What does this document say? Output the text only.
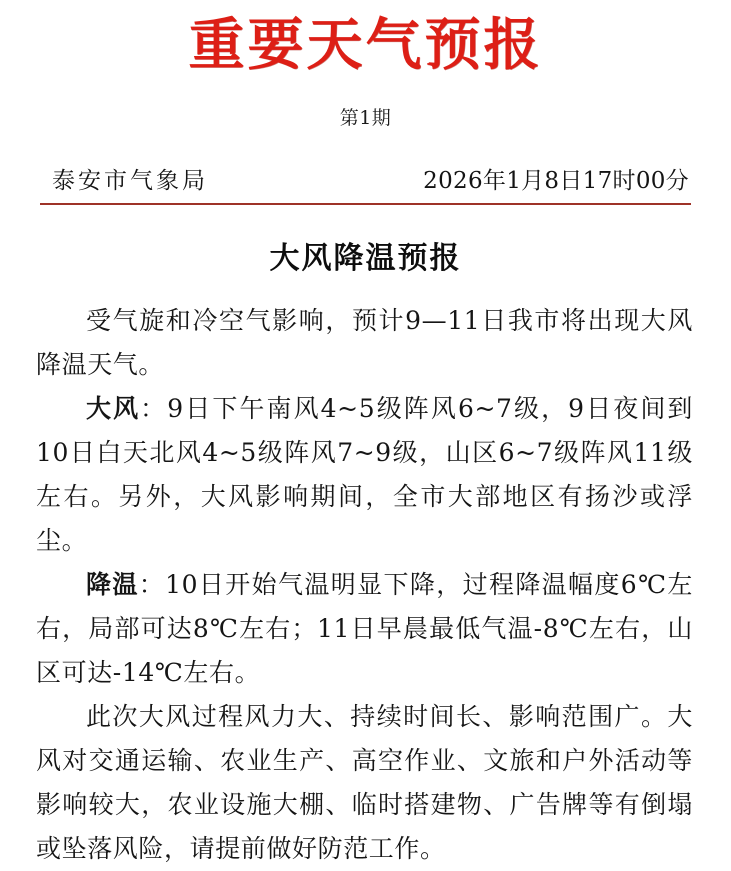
重要天气预报

第1期

泰安市气象局	2026年1月8日17时00分
大风降温预报

受气旋和冷空气影响，预计9—11日我市将出现大风降温天气。

大风：9日下午南风4~5级阵风6~7级，9日夜间到10日白天北风4~5级阵风7~9级，山区6~7级阵风11级左右。另外，大风影响期间，全市大部地区有扬沙或浮尘。

降温：10日开始气温明显下降，过程降温幅度6℃左右，局部可达8℃左右；11日早晨最低气温-8℃左右，山区可达-14℃左右。

此次大风过程风力大、持续时间长、影响范围广。大风对交通运输、农业生产、高空作业、文旅和户外活动等影响较大，农业设施大棚、临时搭建物、广告牌等有倒塌或坠落风险，请提前做好防范工作。
